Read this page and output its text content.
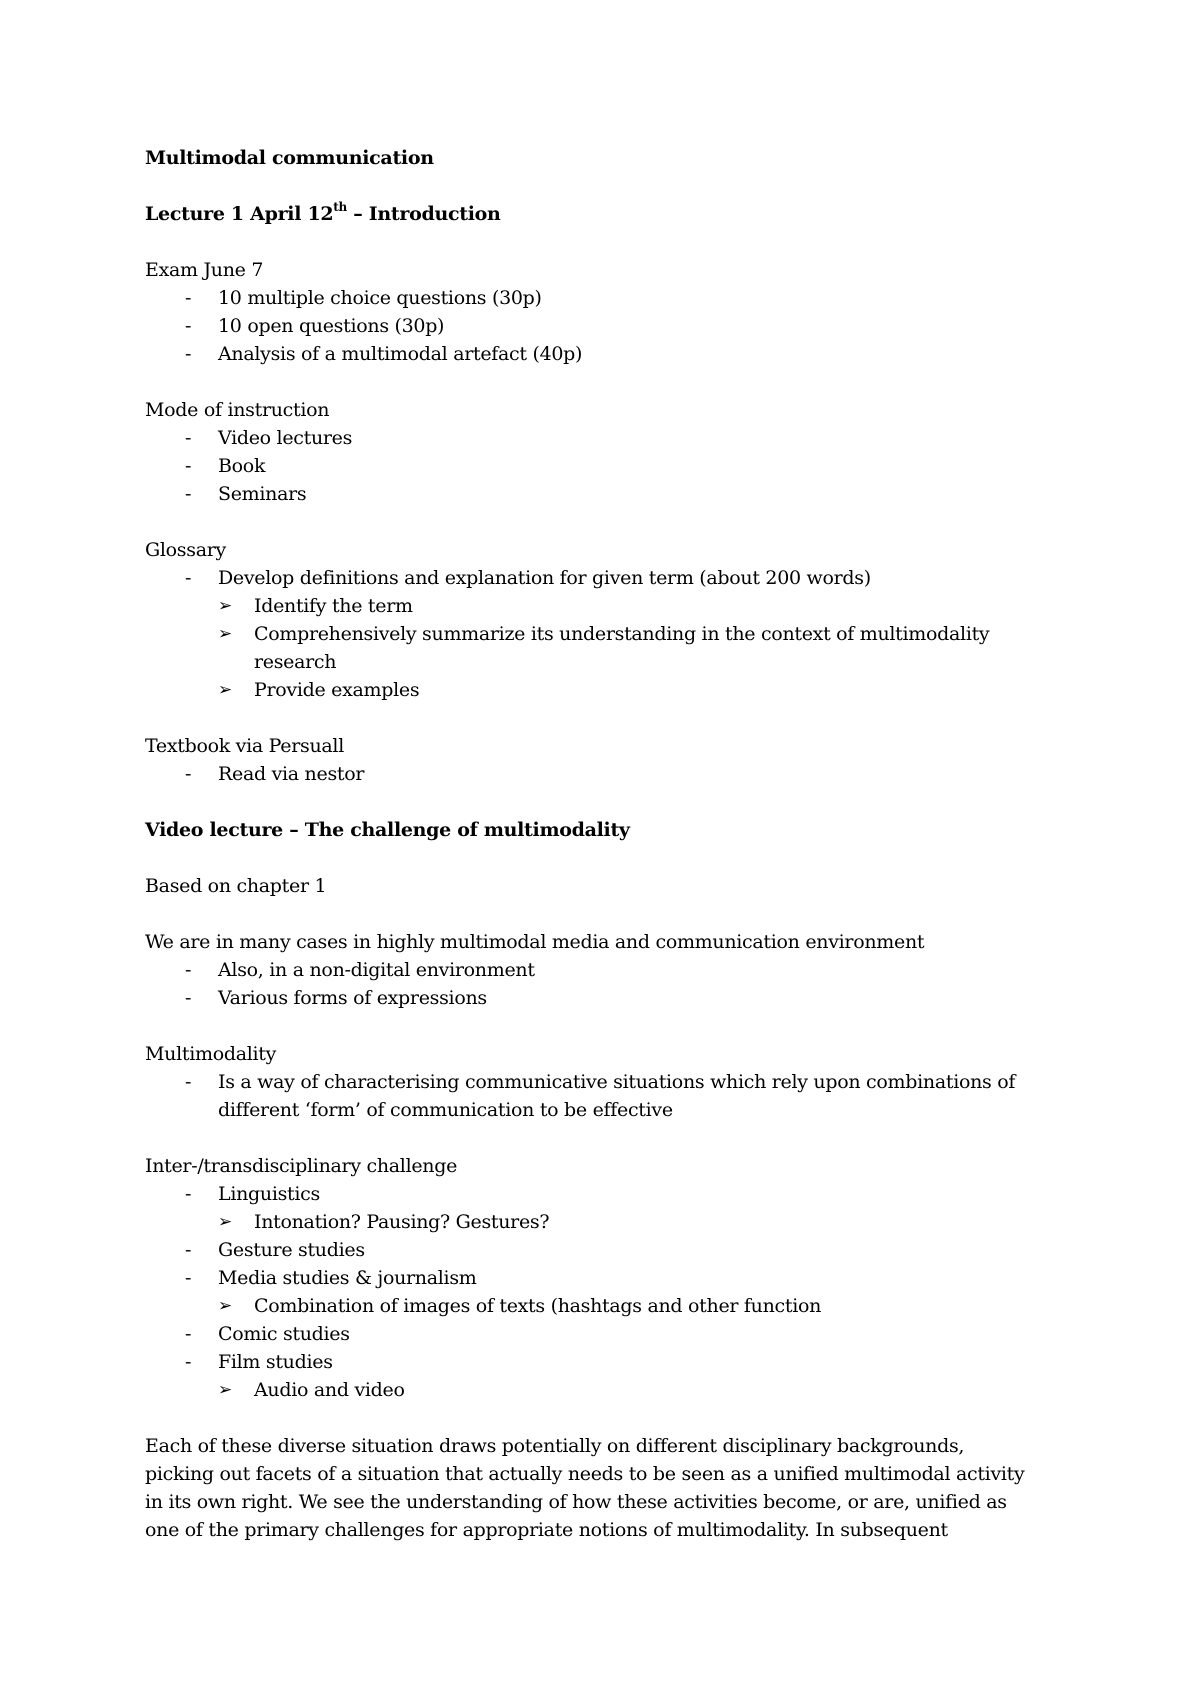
Multimodal communication
Lecture 1 April 12th – Introduction
Exam June 7
- 10 multiple choice questions (30p)
- 10 open questions (30p)
- Analysis of a multimodal artefact (40p)
Mode of instruction
- Video lectures
- Book
- Seminars
Glossary
- Develop definitions and explanation for given term (about 200 words)
➢ Identify the term
➢ Comprehensively summarize its understanding in the context of multimodality
research
➢ Provide examples
Textbook via Persuall
- Read via nestor
Video lecture – The challenge of multimodality
Based on chapter 1
We are in many cases in highly multimodal media and communication environment
- Also, in a non-digital environment
- Various forms of expressions
Multimodality
- Is a way of characterising communicative situations which rely upon combinations of
different ‘form’ of communication to be effective
Inter-/transdisciplinary challenge
- Linguistics
➢ Intonation? Pausing? Gestures?
- Gesture studies
- Media studies & journalism
➢ Combination of images of texts (hashtags and other function
- Comic studies
- Film studies
➢ Audio and video
Each of these diverse situation draws potentially on different disciplinary backgrounds,
picking out facets of a situation that actually needs to be seen as a unified multimodal activity
in its own right. We see the understanding of how these activities become, or are, unified as
one of the primary challenges for appropriate notions of multimodality. In subsequent
